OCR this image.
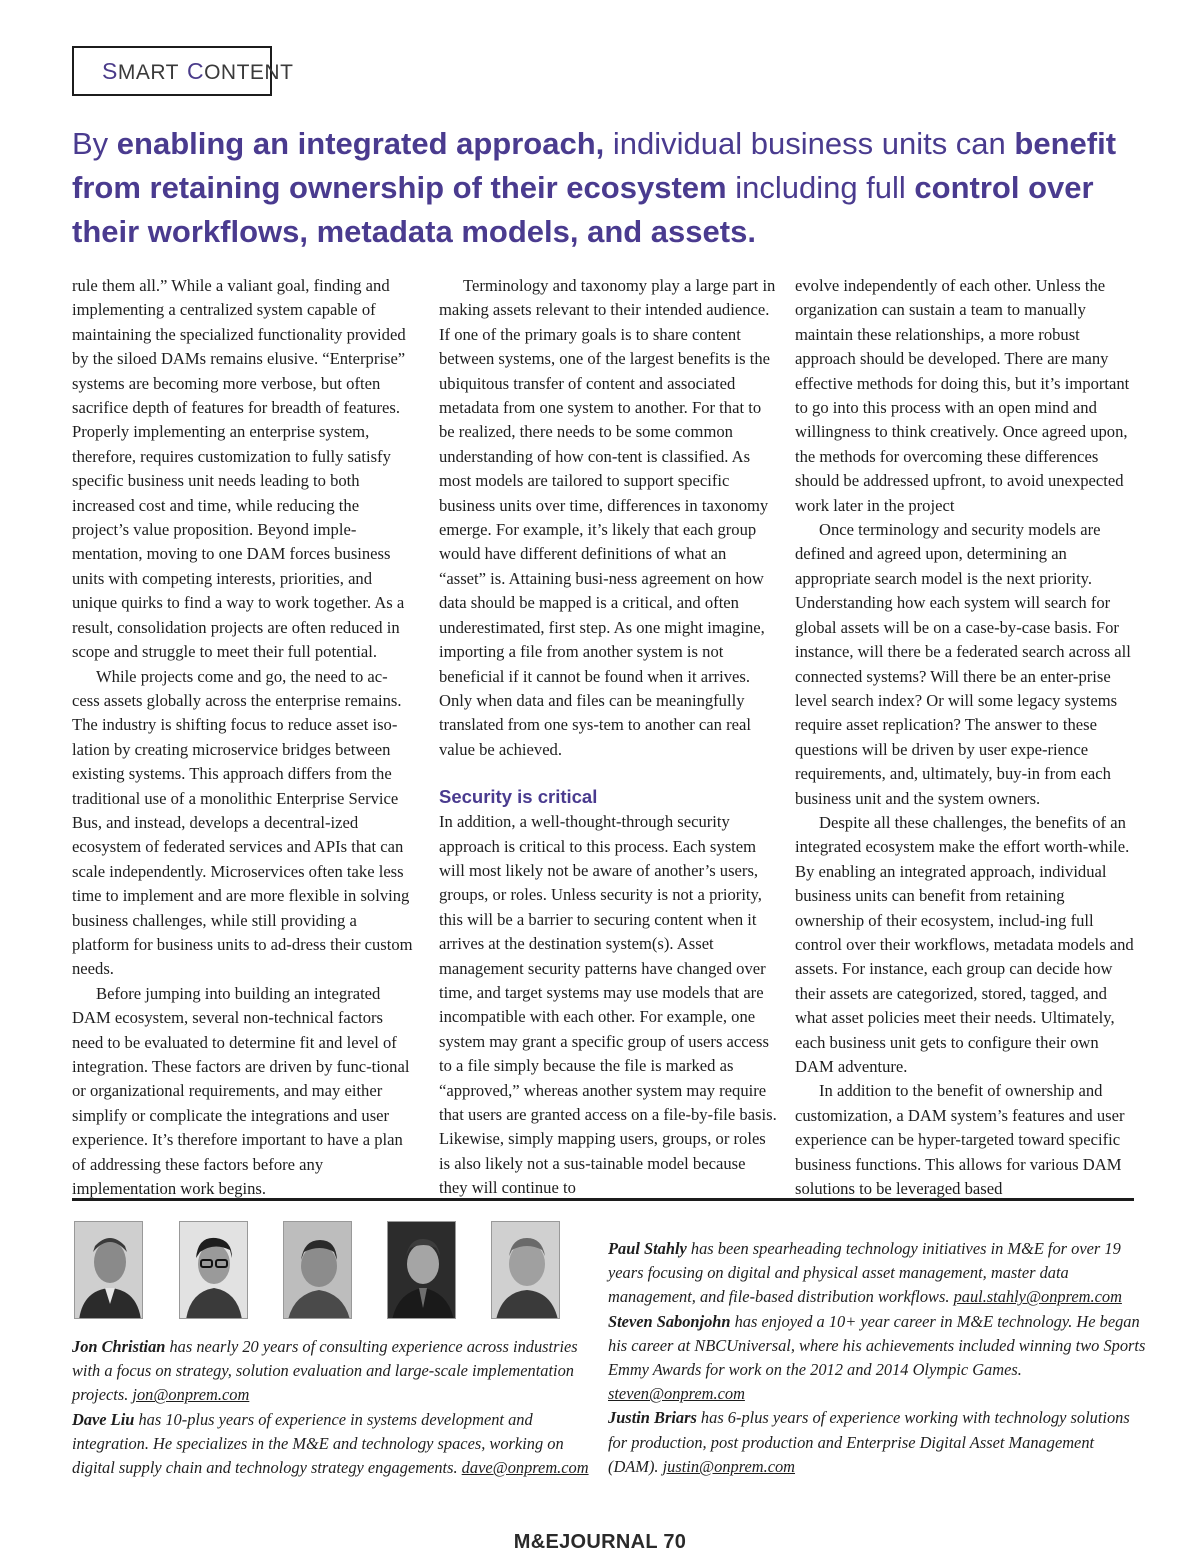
SMART CONTENT
By enabling an integrated approach, individual business units can benefit from retaining ownership of their ecosystem including full control over their workflows, metadata models, and assets.

rule them all.” While a valiant goal, finding and implementing a centralized system capable of maintaining the specialized functionality provided by the siloed DAMs remains elusive. “Enterprise” systems are becoming more verbose, but often sacrifice depth of features for breadth of features. Properly implementing an enterprise system, therefore, requires customization to fully satisfy specific business unit needs leading to both increased cost and time, while reducing the project’s value proposition. Beyond imple-mentation, moving to one DAM forces business units with competing interests, priorities, and unique quirks to find a way to work together. As a result, consolidation projects are often reduced in scope and struggle to meet their full potential.

While projects come and go, the need to ac-cess assets globally across the enterprise remains. The industry is shifting focus to reduce asset iso-lation by creating microservice bridges between existing systems. This approach differs from the traditional use of a monolithic Enterprise Service Bus, and instead, develops a decentral-ized ecosystem of federated services and APIs that can scale independently. Microservices often take less time to implement and are more flexible in solving business challenges, while still providing a platform for business units to ad-dress their custom needs.

Before jumping into building an integrated DAM ecosystem, several non-technical factors need to be evaluated to determine fit and level of integration. These factors are driven by func-tional or organizational requirements, and may either simplify or complicate the integrations and user experience. It’s therefore important to have a plan of addressing these factors before any implementation work begins.

Terminology and taxonomy play a large part in making assets relevant to their intended audience. If one of the primary goals is to share content between systems, one of the largest benefits is the ubiquitous transfer of content and associated metadata from one system to another. For that to be realized, there needs to be some common understanding of how con-tent is classified. As most models are tailored to support specific business units over time, differences in taxonomy emerge. For example, it’s likely that each group would have different definitions of what an “asset” is. Attaining busi-ness agreement on how data should be mapped is a critical, and often underestimated, first step. As one might imagine, importing a file from another system is not beneficial if it cannot be found when it arrives. Only when data and files can be meaningfully translated from one sys-tem to another can real value be achieved.

Security is critical

In addition, a well-thought-through security approach is critical to this process. Each system will most likely not be aware of another’s users, groups, or roles. Unless security is not a priority, this will be a barrier to securing content when it arrives at the destination system(s). Asset management security patterns have changed over time, and target systems may use models that are incompatible with each other. For example, one system may grant a specific group of users access to a file simply because the file is marked as “approved,” whereas another system may require that users are granted access on a file-by-file basis. Likewise, simply mapping users, groups, or roles is also likely not a sus-tainable model because they will continue to

evolve independently of each other. Unless the organization can sustain a team to manually maintain these relationships, a more robust approach should be developed. There are many effective methods for doing this, but it’s important to go into this process with an open mind and willingness to think creatively. Once agreed upon, the methods for overcoming these differences should be addressed upfront, to avoid unexpected work later in the project

Once terminology and security models are defined and agreed upon, determining an appropriate search model is the next priority. Understanding how each system will search for global assets will be on a case-by-case basis. For instance, will there be a federated search across all connected systems? Will there be an enter-prise level search index? Or will some legacy systems require asset replication? The answer to these questions will be driven by user expe-rience requirements, and, ultimately, buy-in from each business unit and the system owners.

Despite all these challenges, the benefits of an integrated ecosystem make the effort worth-while. By enabling an integrated approach, individual business units can benefit from retaining ownership of their ecosystem, includ-ing full control over their workflows, metadata models and assets. For instance, each group can decide how their assets are categorized, stored, tagged, and what asset policies meet their needs. Ultimately, each business unit gets to configure their own DAM adventure.

In addition to the benefit of ownership and customization, a DAM system’s features and user experience can be hyper-targeted toward specific business functions. This allows for various DAM solutions to be leveraged based

Jon Christian has nearly 20 years of consulting experience across industries with a focus on strategy, solution evaluation and large-scale implementation projects. jon@onprem.com

Dave Liu has 10-plus years of experience in systems development and integration. He specializes in the M&E and technology spaces, working on digital supply chain and technology strategy engagements. dave@onprem.com

Paul Stahly has been spearheading technology initiatives in M&E for over 19 years focusing on digital and physical asset management, master data management, and file-based distribution workflows. paul.stahly@onprem.com

Steven Sabonjohn has enjoyed a 10+ year career in M&E technology. He began his career at NBCUniversal, where his achievements included winning two Sports Emmy Awards for work on the 2012 and 2014 Olympic Games. steven@onprem.com

Justin Briars has 6-plus years of experience working with technology solutions for production, post production and Enterprise Digital Asset Management (DAM). justin@onprem.com

M&EJOURNAL 70
